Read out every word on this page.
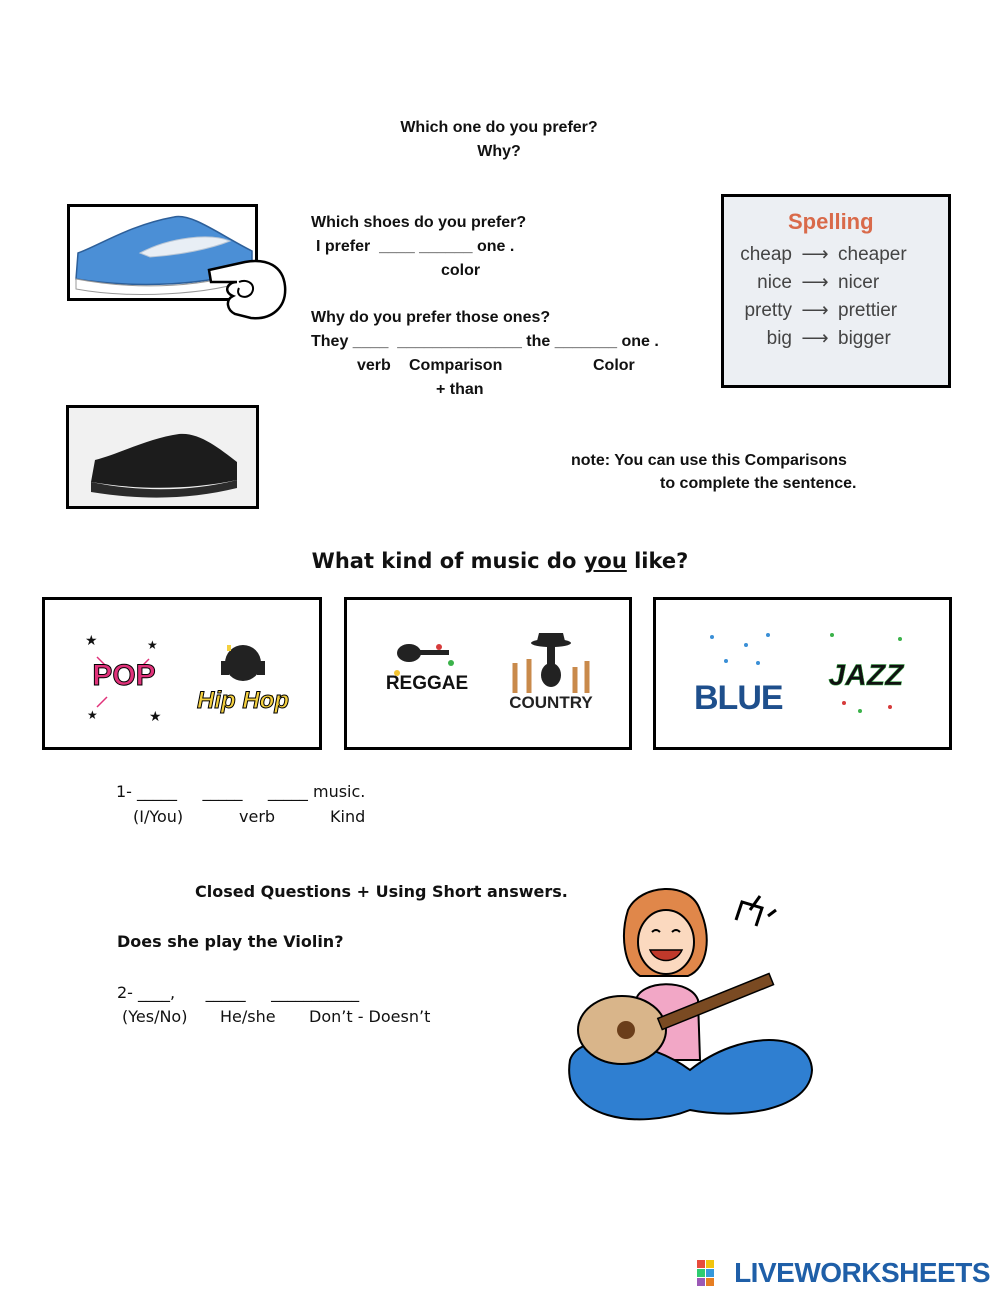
Which one do you prefer?
Why?
Which shoes do you prefer?
I prefer  ____ ______ one .
color
Why do you prefer those ones?
They ____  ______________ the _______ one .
verb Comparison	Color
+ than
Spelling
cheap ⟶ cheaper
nice ⟶ nicer
pretty ⟶ prettier
big ⟶ bigger
note: You can use this Comparisons
to complete the sentence.
What kind of music do you like?
★	★
★	★
POP
Hip Hop
REGGAE
COUNTRY	BLUE
JAZZ
1- _____     _____     _____ music.
(I/You)	verb	Kind
Closed Questions + Using Short answers.
Does she play the Violin?
2- ____,      _____     ___________
(Yes/No) He/she Don’t - Doesn’t
LIVEWORKSHEETS
